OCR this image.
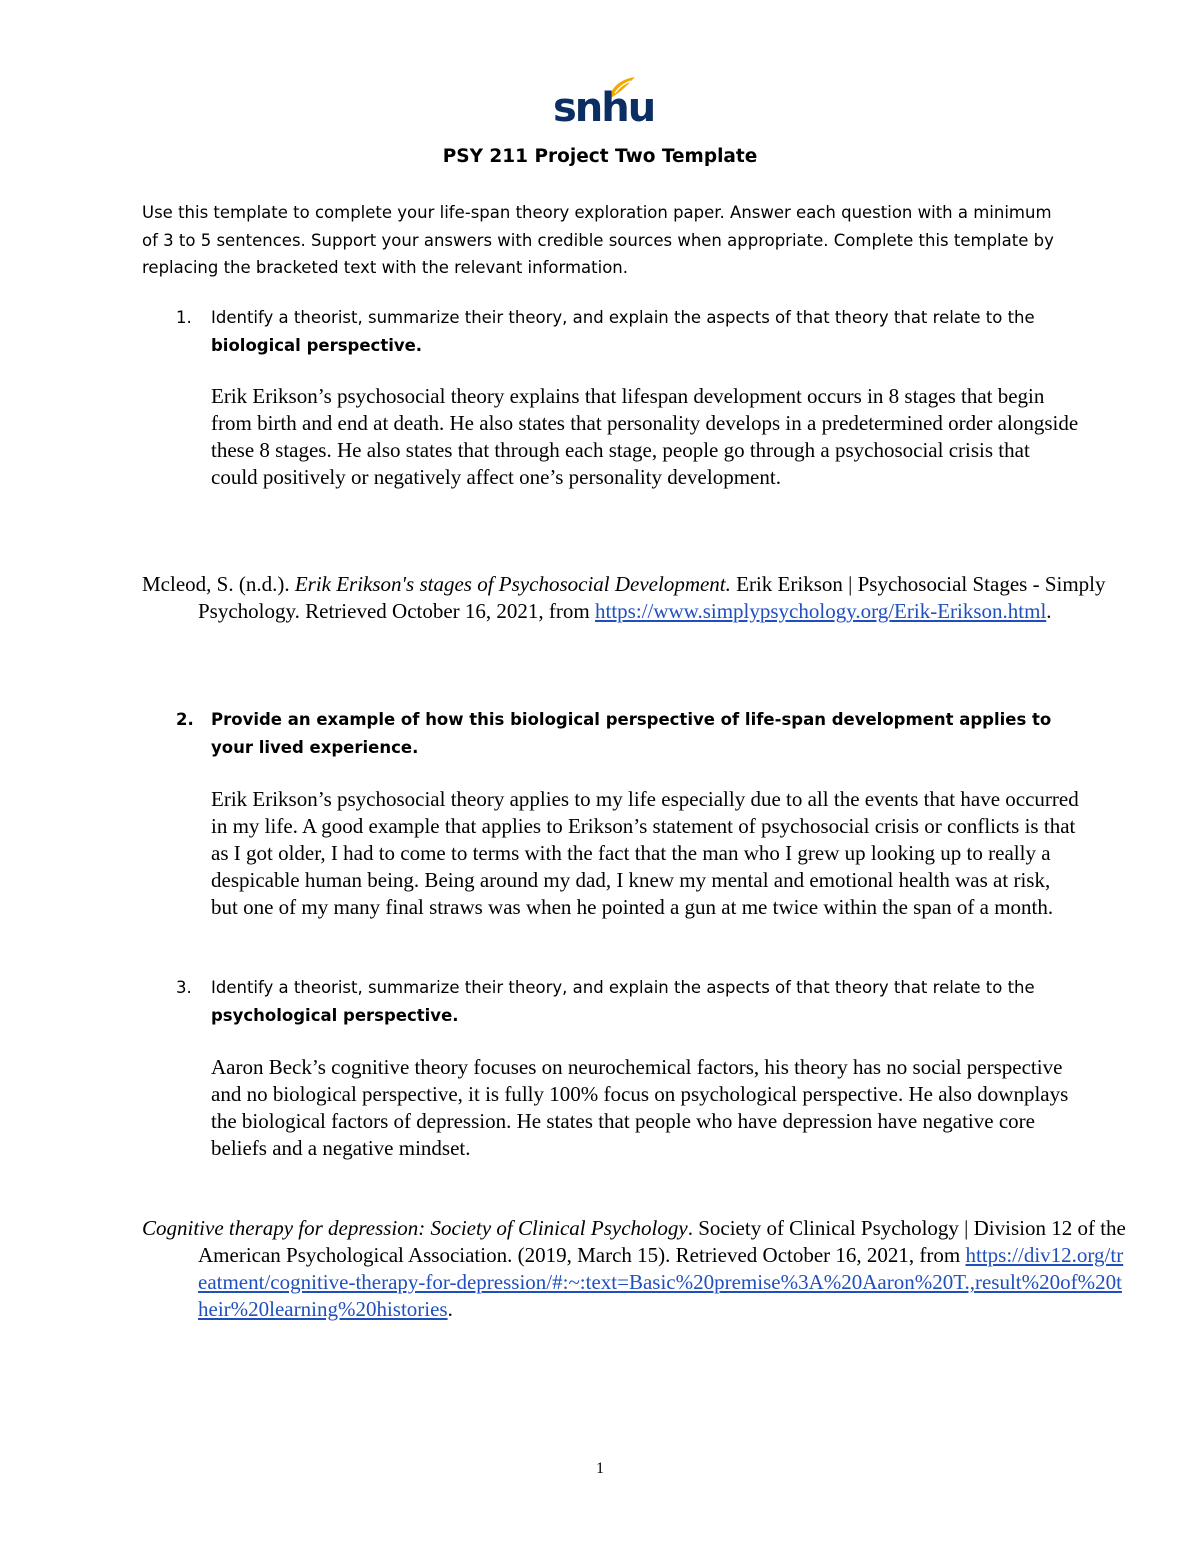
snhu
PSY 211 Project Two Template
Use this template to complete your life-span theory exploration paper. Answer each question with a minimum of 3 to 5 sentences. Support your answers with credible sources when appropriate. Complete this template by replacing the bracketed text with the relevant information.
1. Identify a theorist, summarize their theory, and explain the aspects of that theory that relate to the biological perspective.
Erik Erikson’s psychosocial theory explains that lifespan development occurs in 8 stages that begin from birth and end at death. He also states that personality develops in a predetermined order alongside these 8 stages. He also states that through each stage, people go through a psychosocial crisis that could positively or negatively affect one’s personality development.
Mcleod, S. (n.d.). Erik Erikson's stages of Psychosocial Development. Erik Erikson | Psychosocial Stages - Simply Psychology. Retrieved October 16, 2021, from https://www.simplypsychology.org/Erik-Erikson.html.
2. Provide an example of how this biological perspective of life-span development applies to your lived experience.
Erik Erikson’s psychosocial theory applies to my life especially due to all the events that have occurred in my life. A good example that applies to Erikson’s statement of psychosocial crisis or conflicts is that as I got older, I had to come to terms with the fact that the man who I grew up looking up to really a despicable human being. Being around my dad, I knew my mental and emotional health was at risk, but one of my many final straws was when he pointed a gun at me twice within the span of a month.
3. Identify a theorist, summarize their theory, and explain the aspects of that theory that relate to the psychological perspective.
Aaron Beck’s cognitive theory focuses on neurochemical factors, his theory has no social perspective and no biological perspective, it is fully 100% focus on psychological perspective. He also downplays the biological factors of depression. He states that people who have depression have negative core beliefs and a negative mindset.
Cognitive therapy for depression: Society of Clinical Psychology. Society of Clinical Psychology | Division 12 of the American Psychological Association. (2019, March 15). Retrieved October 16, 2021, from https://div12.org/treatment/cognitive-therapy-for-depression/#:~:text=Basic%20premise%3A%20Aaron%20T.,result%20of%20their%20learning%20histories.
1
